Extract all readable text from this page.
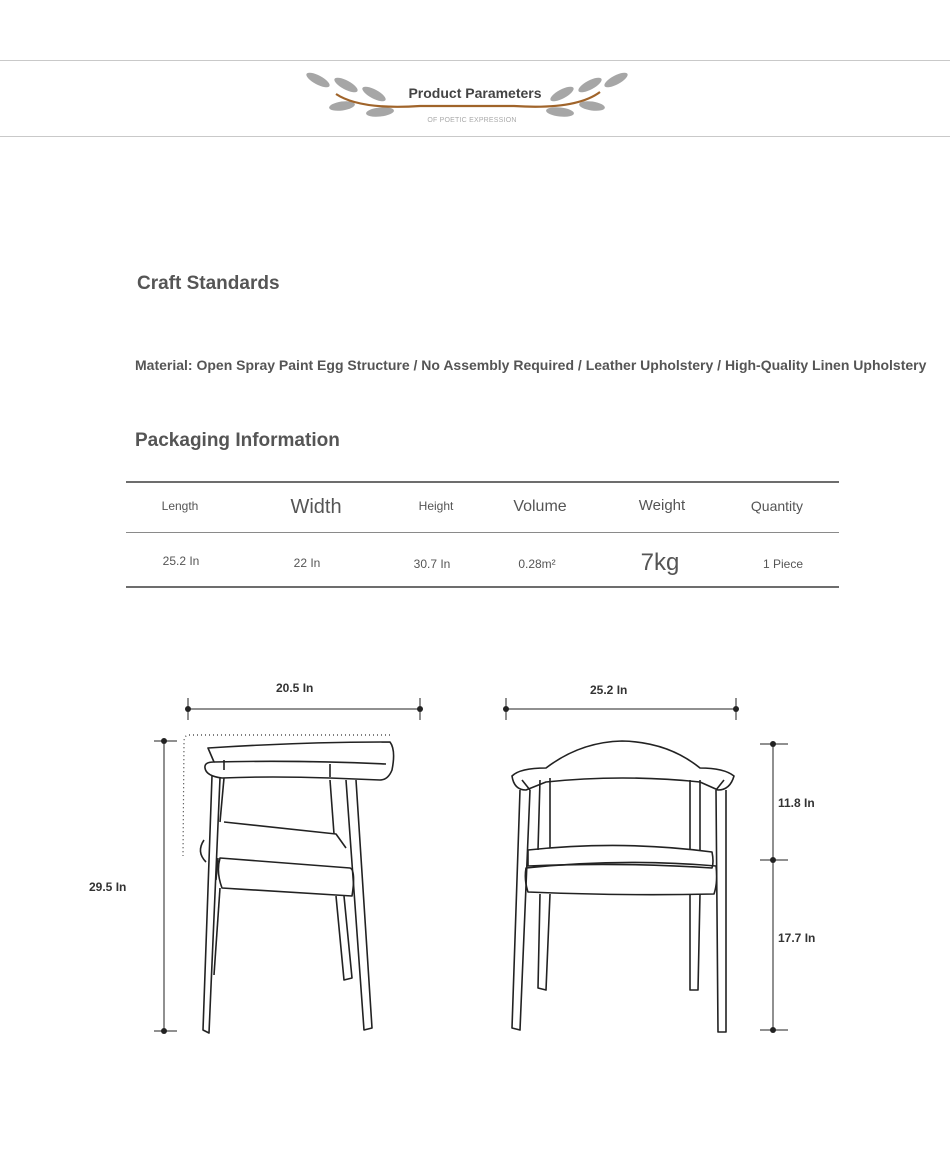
Product Parameters
OF POETIC EXPRESSION
Craft Standards
Material: Open Spray Paint Egg Structure / No Assembly Required / Leather Upholstery / High-Quality Linen Upholstery
Packaging Information
Length	Width	Height	Volume	Weight	Quantity
25.2 In	22 In	30.7 In	0.28m²	7kg	1 Piece
20.5 In
29.5 In
25.2 In
11.8 In
17.7 In
